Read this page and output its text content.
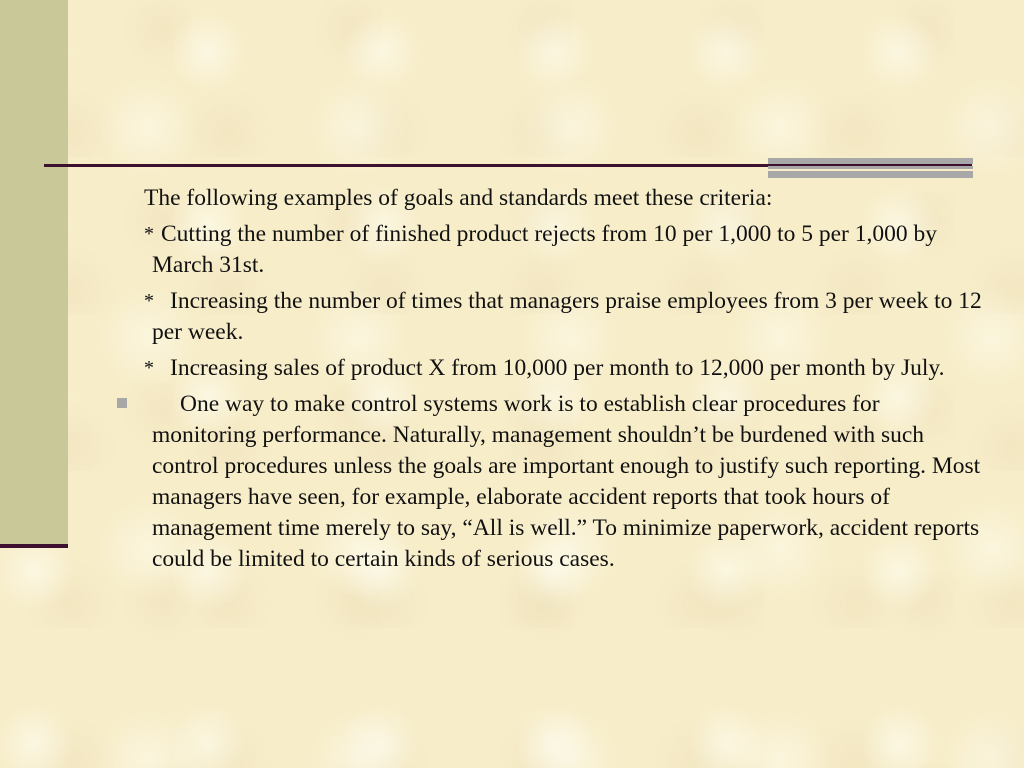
The following examples of goals and standards meet these criteria:
* Cutting the number of finished product rejects from 10 per 1,000 to 5 per 1,000 by March 31st.
* Increasing the number of times that managers praise employees from 3 per week to 12 per week.
* Increasing sales of product X from 10,000 per month to 12,000 per month by July.
One way to make control systems work is to establish clear procedures for monitoring performance. Naturally, management shouldn’t be burdened with such control procedures unless the goals are important enough to justify such reporting. Most managers have seen, for example, elaborate accident reports that took hours of management time merely to say, “All is well.” To minimize paperwork, accident reports could be limited to certain kinds of serious cases.
